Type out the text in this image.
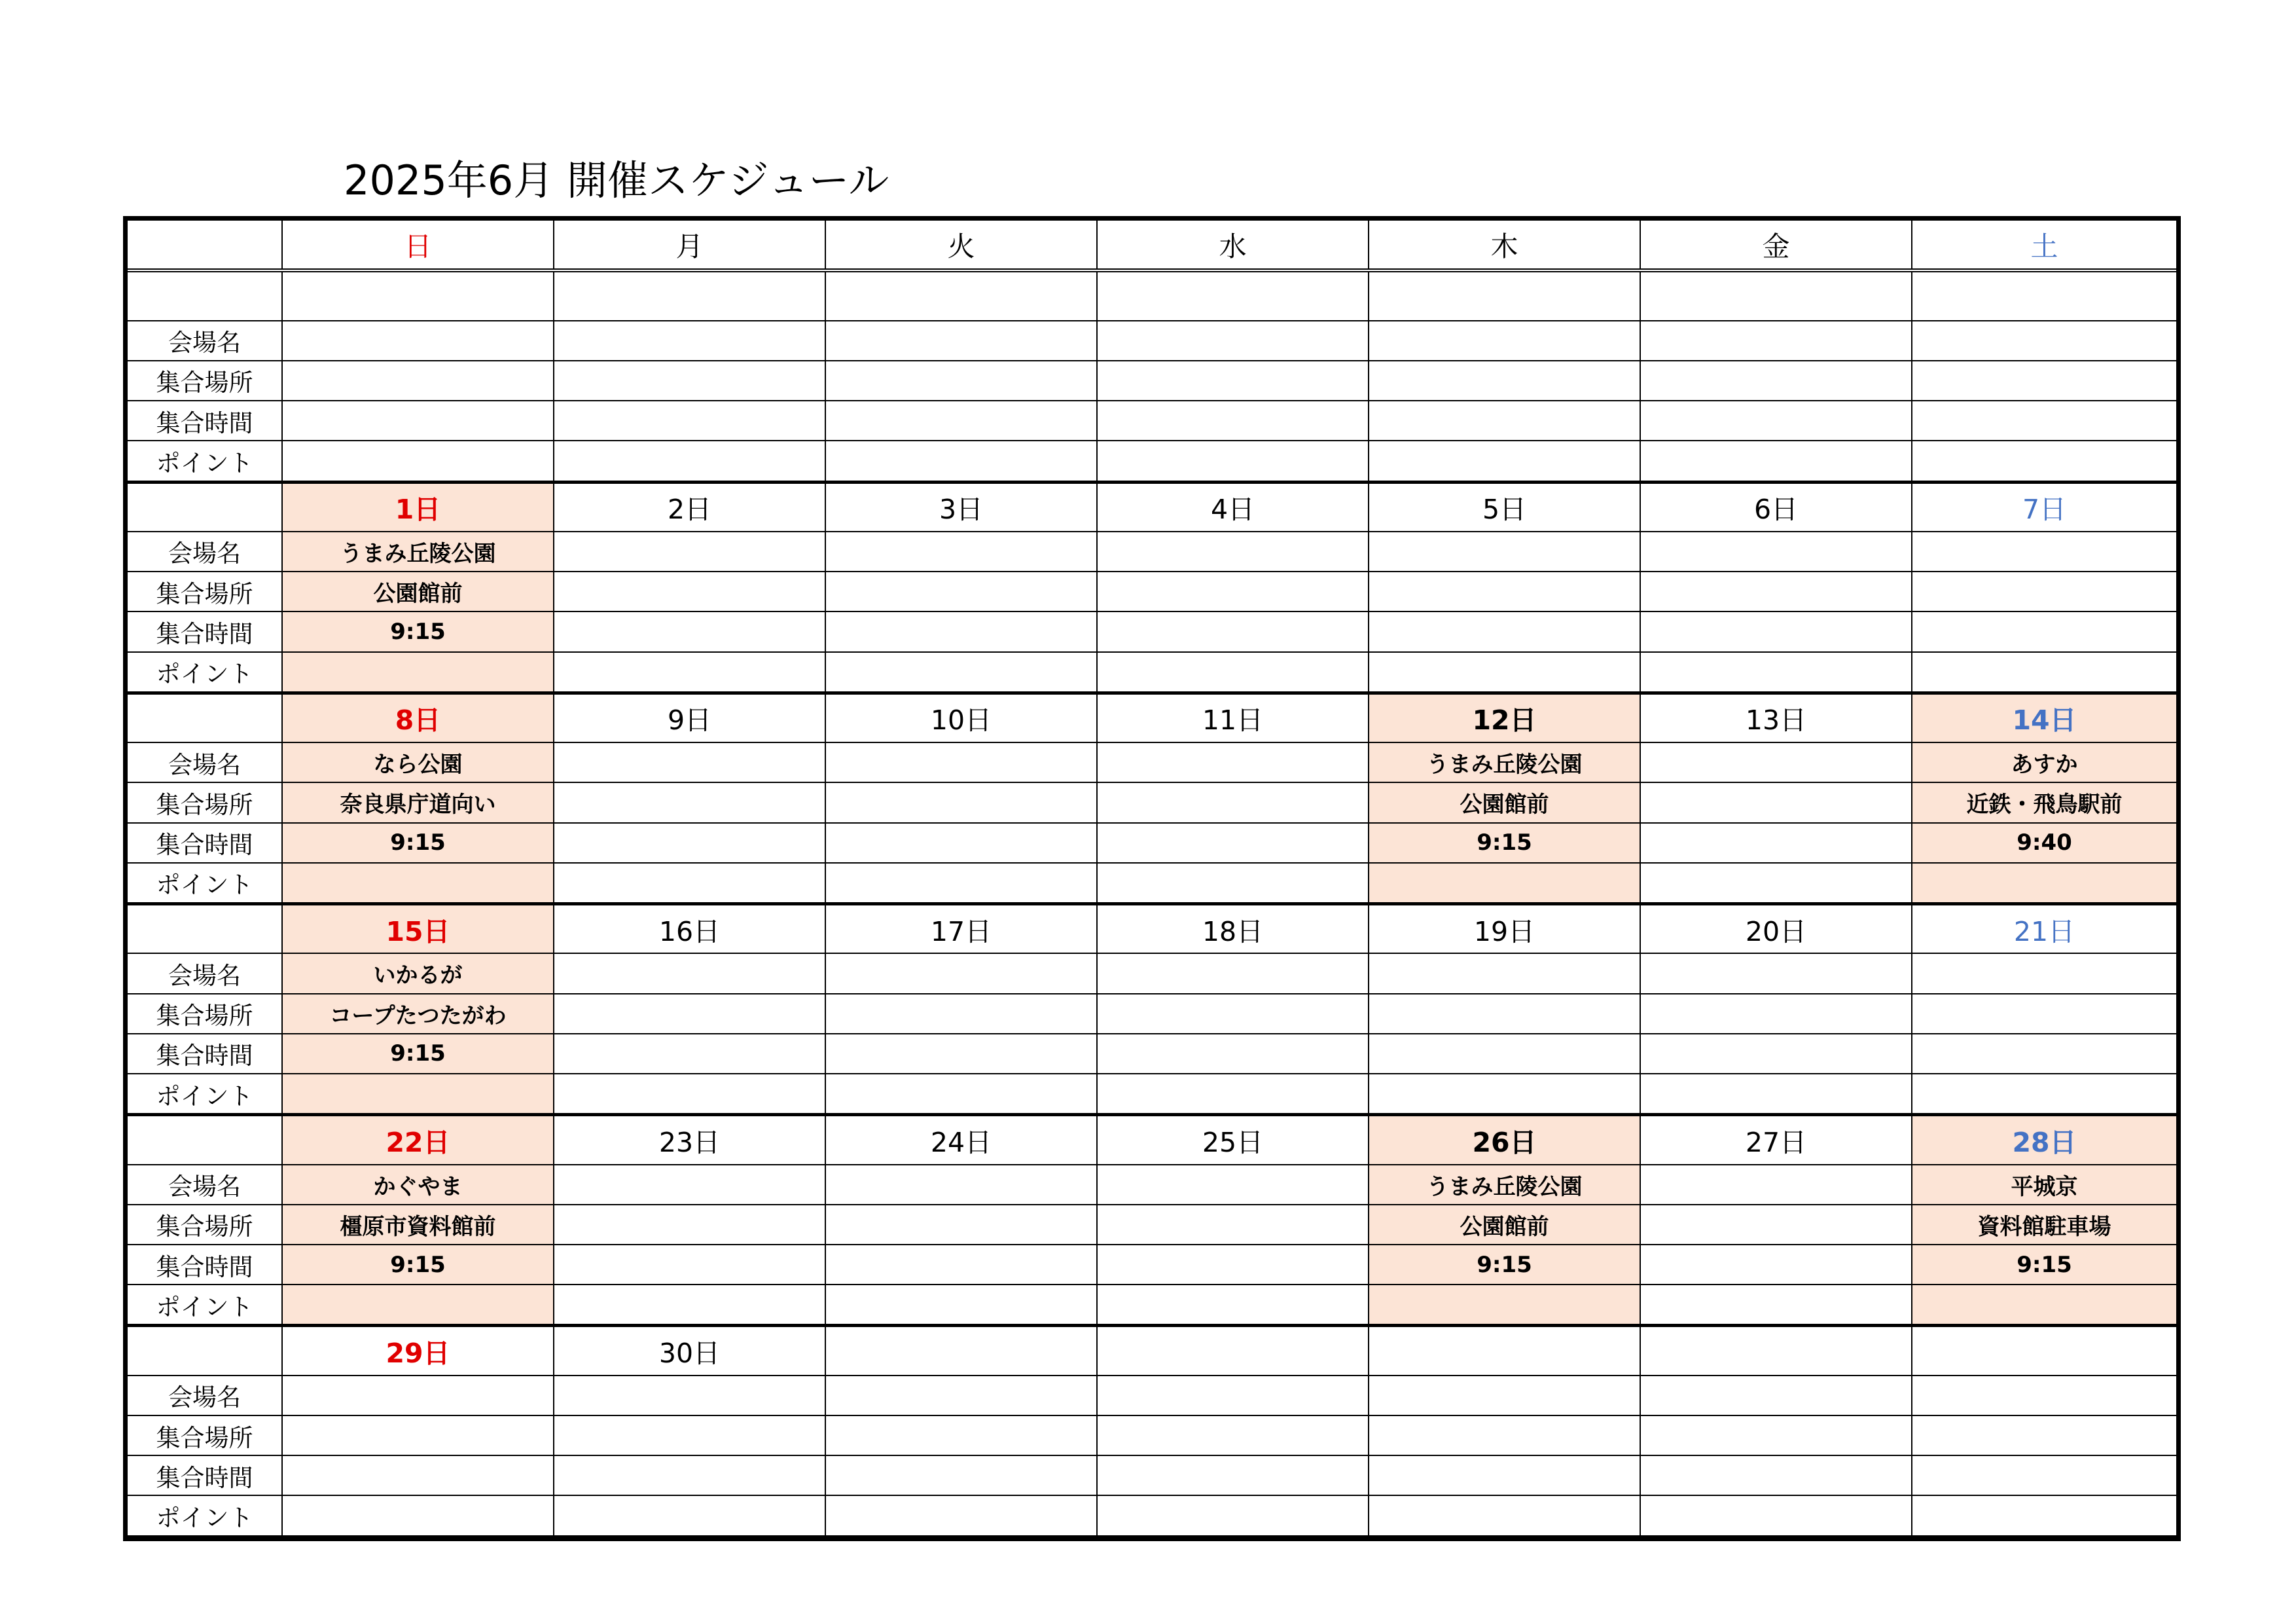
2025年6月 開催スケジュール
	日	月	火	水	木	金	土

会場名							
集合場所							
集合時間							
ポイント							
	1日	2日	3日	4日	5日	6日	7日
会場名	うまみ丘陵公園						
集合場所	公園館前						
集合時間	9:15						
ポイント							
	8日	9日	10日	11日	12日	13日	14日
会場名	なら公園				うまみ丘陵公園		あすか
集合場所	奈良県庁道向い				公園館前		近鉄・飛鳥駅前
集合時間	9:15				9:15		9:40
ポイント							
	15日	16日	17日	18日	19日	20日	21日
会場名	いかるが						
集合場所	コープたつたがわ						
集合時間	9:15						
ポイント							
	22日	23日	24日	25日	26日	27日	28日
会場名	かぐやま				うまみ丘陵公園		平城京
集合場所	橿原市資料館前				公園館前		資料館駐車場
集合時間	9:15				9:15		9:15
ポイント							
	29日	30日					
会場名							
集合場所							
集合時間							
ポイント							
